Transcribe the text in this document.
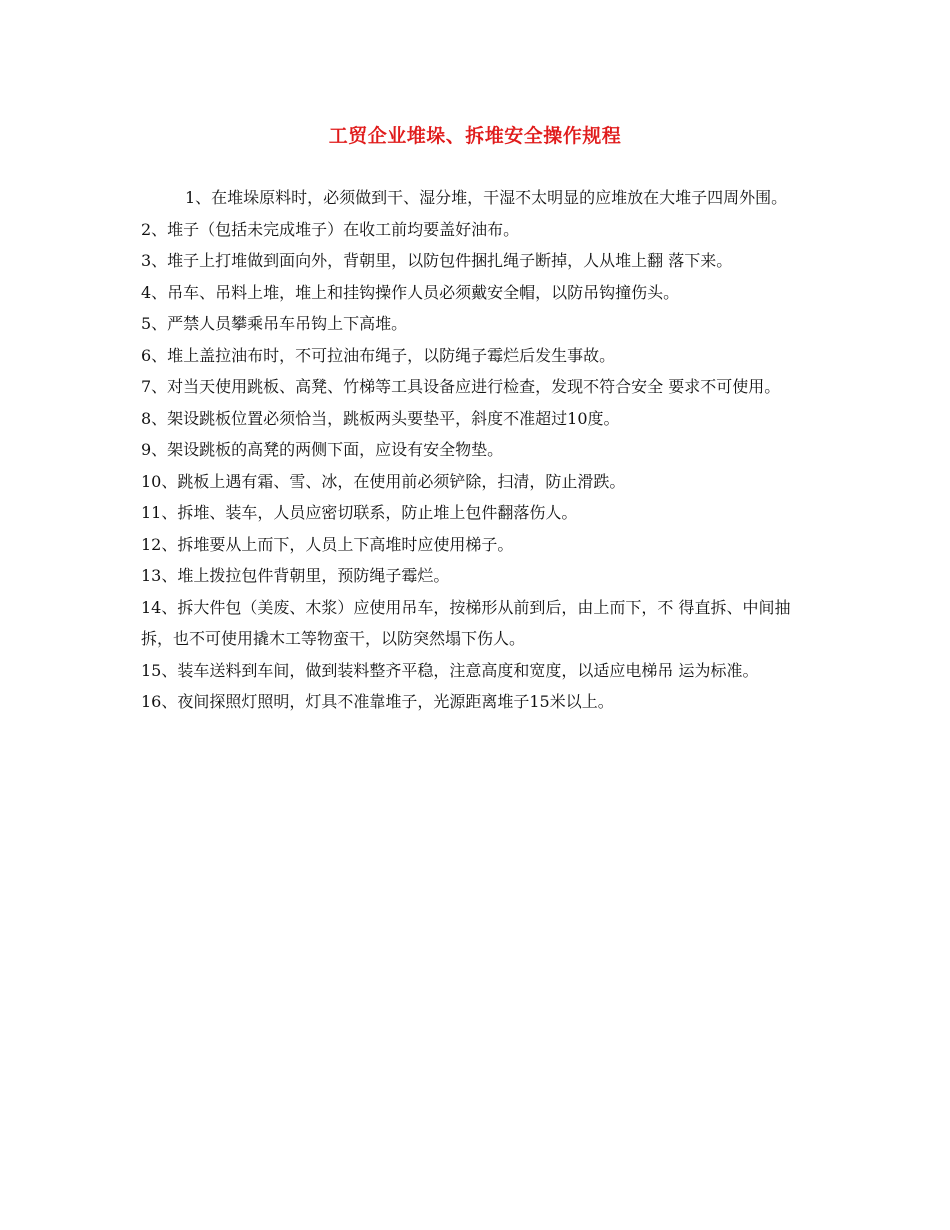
工贸企业堆垛、拆堆安全操作规程

1、在堆垛原料时，必须做到干、湿分堆，干湿不太明显的应堆放在大堆子四周外围。

2、堆子（包括未完成堆子）在收工前均要盖好油布。

3、堆子上打堆做到面向外，背朝里，以防包件捆扎绳子断掉，人从堆上翻 落下来。

4、吊车、吊料上堆，堆上和挂钩操作人员必须戴安全帽，以防吊钩撞伤头。

5、严禁人员攀乘吊车吊钩上下高堆。

6、堆上盖拉油布时，不可拉油布绳子，以防绳子霉烂后发生事故。

7、对当天使用跳板、高凳、竹梯等工具设备应进行检查，发现不符合安全 要求不可使用。

8、架设跳板位置必须恰当，跳板两头要垫平，斜度不准超过10度。

9、架设跳板的高凳的两侧下面，应设有安全物垫。

10、跳板上遇有霜、雪、冰，在使用前必须铲除，扫清，防止滑跌。

11、拆堆、装车，人员应密切联系，防止堆上包件翻落伤人。

12、拆堆要从上而下，人员上下高堆时应使用梯子。

13、堆上拨拉包件背朝里，预防绳子霉烂。

14、拆大件包（美废、木浆）应使用吊车，按梯形从前到后，由上而下，不 得直拆、中间抽拆，也不可使用撬木工等物蛮干，以防突然塌下伤人。

15、装车送料到车间，做到装料整齐平稳，注意高度和宽度，以适应电梯吊 运为标准。

16、夜间探照灯照明，灯具不准靠堆子，光源距离堆子15米以上。
